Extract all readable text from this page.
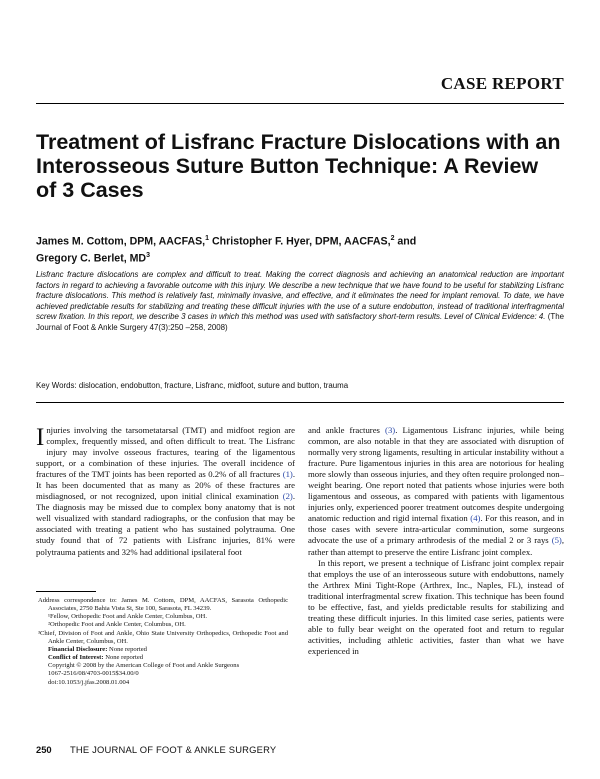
CASE REPORT
Treatment of Lisfranc Fracture Dislocations with an Interosseous Suture Button Technique: A Review of 3 Cases
James M. Cottom, DPM, AACFAS,$^1$ Christopher F. Hyer, DPM, AACFAS,$^2$ and
Gregory C. Berlet, $MD^3$
Lisfranc fracture dislocations are complex and difficult to treat. Making the correct diagnosis and achieving an anatomical reduction are important factors in regard to achieving a favorable outcome with this injury. We describe a new technique that we have found to be useful for stabilizing Lisfranc fracture dislocations. This method is relatively fast, minimally invasive, and effective, and it eliminates the need for implant removal. To date, we have achieved predictable results for stabilizing and treating these difficult injuries with the use of a suture endobutton, instead of traditional interfragmental screw fixation. In this report, we describe 3 cases in which this method was used with satisfactory short-term results. Level of Clinical Evidence: 4. (The Journal of Foot & Ankle Surgery 47(3):250 –258, 2008)
Key Words: dislocation, endobutton, fracture, Lisfranc, midfoot, suture and button, trauma

Injuries involving the tarsometatarsal (TMT) and midfoot region are complex, frequently missed, and often difficult to treat. The Lisfranc injury may involve osseous fractures, tearing of the ligamentous support, or a combination of these injuries. The overall incidence of fractures of the TMT joints has been reported as 0.2% of all fractures (1). It has been documented that as many as 20% of these fractures are misdiagnosed, or not recognized, upon initial clinical examination (2). The diagnosis may be missed due to complex bony anatomy that is not well visualized with standard radiographs, or the confusion that may be associated with treating a patient who has sustained polytrauma. One study found that of 72 patients with Lisfranc injuries, 81% were polytrauma patients and 32% had additional ipsilateral foot

and ankle fractures (3). Ligamentous Lisfranc injuries, while being common, are also notable in that they are associated with disruption of normally very strong ligaments, resulting in articular instability without a fracture. Pure ligamentous injuries in this area are notorious for healing more slowly than osseous injuries, and they often require prolonged non–weight bearing. One report noted that patients whose injuries were both ligamentous and osseous, as compared with patients with ligamentous injuries only, experienced poorer treatment outcomes despite undergoing anatomic reduction and rigid internal fixation (4). For this reason, and in those cases with severe intra-articular comminution, some surgeons advocate the use of a primary arthrodesis of the medial 2 or 3 rays (5), rather than attempt to preserve the entire Lisfranc joint complex.

In this report, we present a technique of Lisfranc joint complex repair that employs the use of an interosseous suture with endobuttons, namely the Arthrex Mini Tight-Rope (Arthrex, Inc., Naples, FL), instead of traditional interfragmental screw fixation. This technique has been found to be effective, fast, and yields predictable results for stabilizing and treating these difficult injuries. In this limited case series, patients were able to fully bear weight on the operated foot and return to regular activities, including athletic activities, faster than what we have experienced in

Address correspondence to: James M. Cottom, DPM, AACFAS, Sarasota Orthopedic Associates, 2750 Bahia Vista St, Ste 100, Sarasota, FL 34239.
¹Fellow, Orthopedic Foot and Ankle Center, Columbus, OH.
²Orthopedic Foot and Ankle Center, Columbus, OH.
³Chief, Division of Foot and Ankle, Ohio State University Orthopedics, Orthopedic Foot and Ankle Center, Columbus, OH.
Financial Disclosure: None reported
Conflict of Interest: None reported
Copyright © 2008 by the American College of Foot and Ankle Surgeons
1067-2516/08/4703-0015$34.00/0
doi:10.1053/j.jfas.2008.01.004
250 THE JOURNAL OF FOOT & ANKLE SURGERY
